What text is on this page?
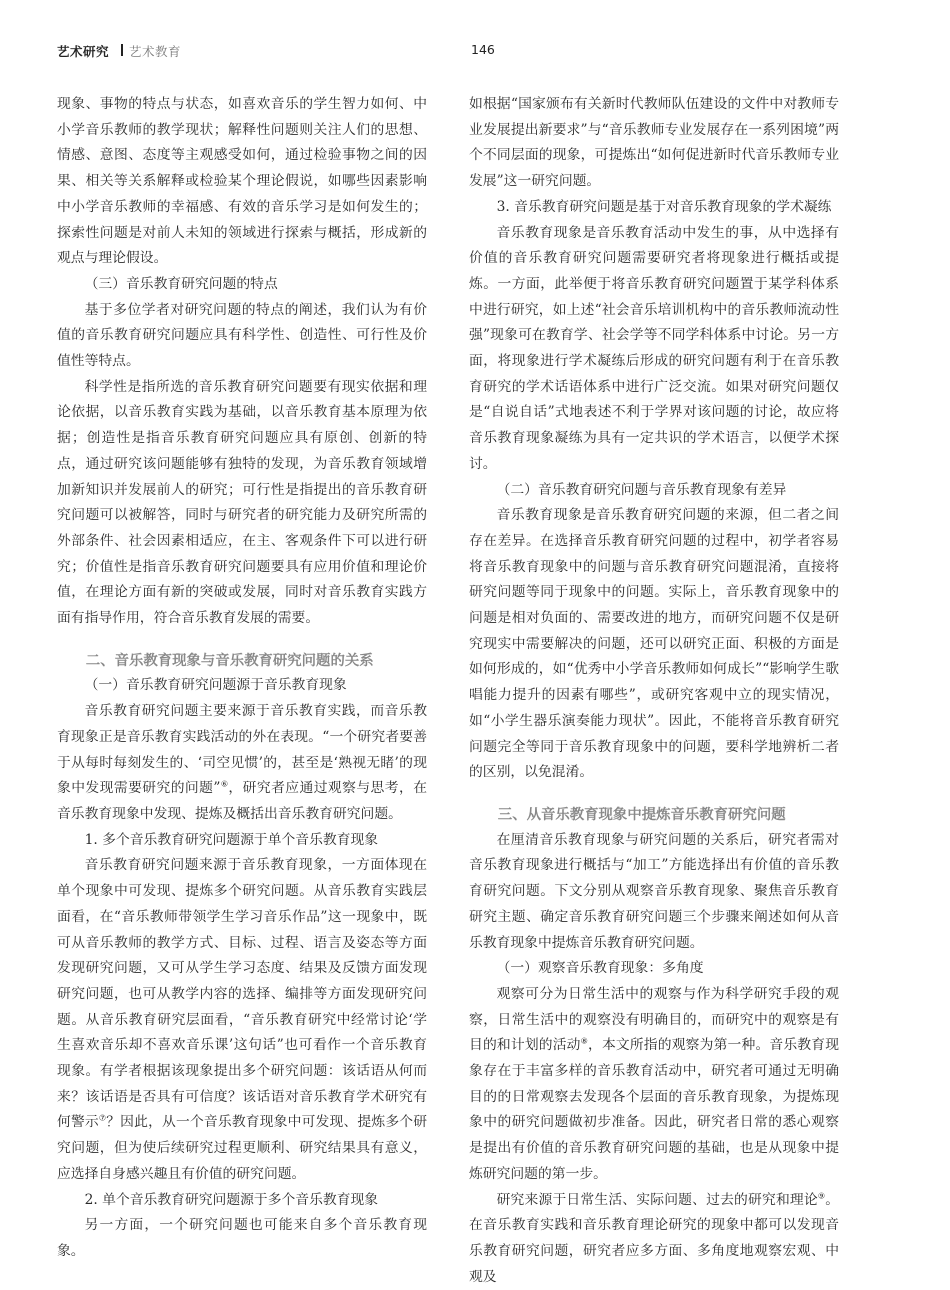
艺术研究 艺术教育	146

现象、事物的特点与状态，如喜欢音乐的学生智力如何、中小学音乐教师的教学现状；解释性问题则关注人们的思想、情感、意图、态度等主观感受如何，通过检验事物之间的因果、相关等关系解释或检验某个理论假说，如哪些因素影响中小学音乐教师的幸福感、有效的音乐学习是如何发生的；探索性问题是对前人未知的领域进行探索与概括，形成新的观点与理论假设。

（三）音乐教育研究问题的特点

基于多位学者对研究问题的特点的阐述，我们认为有价值的音乐教育研究问题应具有科学性、创造性、可行性及价值性等特点。

科学性是指所选的音乐教育研究问题要有现实依据和理论依据，以音乐教育实践为基础，以音乐教育基本原理为依据；创造性是指音乐教育研究问题应具有原创、创新的特点，通过研究该问题能够有独特的发现，为音乐教育领域增加新知识并发展前人的研究；可行性是指提出的音乐教育研究问题可以被解答，同时与研究者的研究能力及研究所需的外部条件、社会因素相适应，在主、客观条件下可以进行研究；价值性是指音乐教育研究问题要具有应用价值和理论价值，在理论方面有新的突破或发展，同时对音乐教育实践方面有指导作用，符合音乐教育发展的需要。

二、音乐教育现象与音乐教育研究问题的关系

（一）音乐教育研究问题源于音乐教育现象

音乐教育研究问题主要来源于音乐教育实践，而音乐教育现象正是音乐教育实践活动的外在表现。“一个研究者要善于从每时每刻发生的、‘司空见惯’的，甚至是‘熟视无睹’的现象中发现需要研究的问题”⑥，研究者应通过观察与思考，在音乐教育现象中发现、提炼及概括出音乐教育研究问题。

1. 多个音乐教育研究问题源于单个音乐教育现象

音乐教育研究问题来源于音乐教育现象，一方面体现在单个现象中可发现、提炼多个研究问题。从音乐教育实践层面看，在“音乐教师带领学生学习音乐作品”这一现象中，既可从音乐教师的教学方式、目标、过程、语言及姿态等方面发现研究问题，又可从学生学习态度、结果及反馈方面发现研究问题，也可从教学内容的选择、编排等方面发现研究问题。从音乐教育研究层面看，“音乐教育研究中经常讨论‘学生喜欢音乐却不喜欢音乐课’这句话”也可看作一个音乐教育现象。有学者根据该现象提出多个研究问题：该话语从何而来？该话语是否具有可信度？该话语对音乐教育学术研究有何警示⑦？因此，从一个音乐教育现象中可发现、提炼多个研究问题，但为使后续研究过程更顺利、研究结果具有意义，应选择自身感兴趣且有价值的研究问题。

2. 单个音乐教育研究问题源于多个音乐教育现象

另一方面，一个研究问题也可能来自多个音乐教育现象。

如根据“国家颁布有关新时代教师队伍建设的文件中对教师专业发展提出新要求”与“音乐教师专业发展存在一系列困境”两个不同层面的现象，可提炼出“如何促进新时代音乐教师专业发展”这一研究问题。

3. 音乐教育研究问题是基于对音乐教育现象的学术凝练

音乐教育现象是音乐教育活动中发生的事，从中选择有价值的音乐教育研究问题需要研究者将现象进行概括或提炼。一方面，此举便于将音乐教育研究问题置于某学科体系中进行研究，如上述“社会音乐培训机构中的音乐教师流动性强”现象可在教育学、社会学等不同学科体系中讨论。另一方面，将现象进行学术凝练后形成的研究问题有利于在音乐教育研究的学术话语体系中进行广泛交流。如果对研究问题仅是“自说自话”式地表述不利于学界对该问题的讨论，故应将音乐教育现象凝练为具有一定共识的学术语言，以便学术探讨。

（二）音乐教育研究问题与音乐教育现象有差异

音乐教育现象是音乐教育研究问题的来源，但二者之间存在差异。在选择音乐教育研究问题的过程中，初学者容易将音乐教育现象中的问题与音乐教育研究问题混淆，直接将研究问题等同于现象中的问题。实际上，音乐教育现象中的问题是相对负面的、需要改进的地方，而研究问题不仅是研究现实中需要解决的问题，还可以研究正面、积极的方面是如何形成的，如“优秀中小学音乐教师如何成长”“影响学生歌唱能力提升的因素有哪些”，或研究客观中立的现实情况，如“小学生器乐演奏能力现状”。因此，不能将音乐教育研究问题完全等同于音乐教育现象中的问题，要科学地辨析二者的区别，以免混淆。

三、从音乐教育现象中提炼音乐教育研究问题

在厘清音乐教育现象与研究问题的关系后，研究者需对音乐教育现象进行概括与“加工”方能选择出有价值的音乐教育研究问题。下文分别从观察音乐教育现象、聚焦音乐教育研究主题、确定音乐教育研究问题三个步骤来阐述如何从音乐教育现象中提炼音乐教育研究问题。

（一）观察音乐教育现象：多角度

观察可分为日常生活中的观察与作为科学研究手段的观察，日常生活中的观察没有明确目的，而研究中的观察是有目的和计划的活动⑧，本文所指的观察为第一种。音乐教育现象存在于丰富多样的音乐教育活动中，研究者可通过无明确目的的日常观察去发现各个层面的音乐教育现象，为提炼现象中的研究问题做初步准备。因此，研究者日常的悉心观察是提出有价值的音乐教育研究问题的基础，也是从现象中提炼研究问题的第一步。

研究来源于日常生活、实际问题、过去的研究和理论⑨。在音乐教育实践和音乐教育理论研究的现象中都可以发现音乐教育研究问题，研究者应多方面、多角度地观察宏观、中观及
